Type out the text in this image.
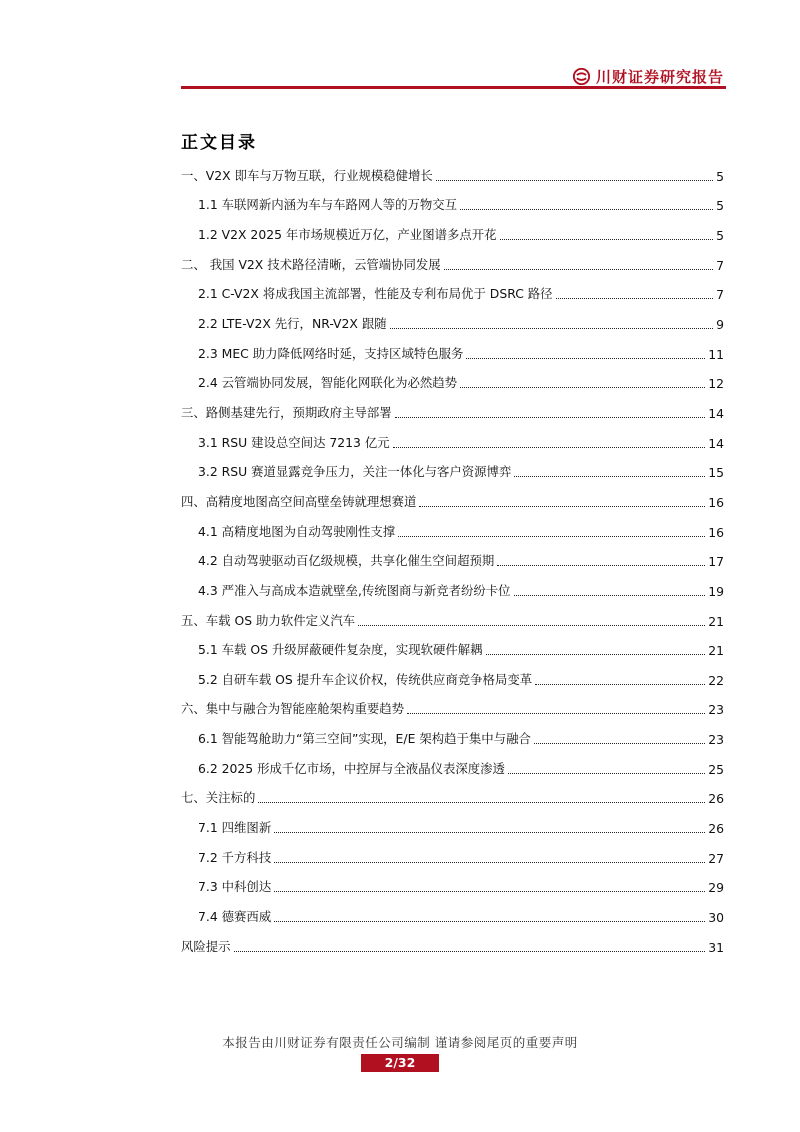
川财证券研究报告
正文目录
一、V2X 即车与万物互联，行业规模稳健增长	5
1.1 车联网新内涵为车与车路网人等的万物交互	5
1.2 V2X 2025 年市场规模近万亿，产业图谱多点开花	5
二、 我国 V2X 技术路径清晰，云管端协同发展	7
2.1 C-V2X 将成我国主流部署，性能及专利布局优于 DSRC 路径	7
2.2 LTE-V2X 先行，NR-V2X 跟随	9
2.3 MEC 助力降低网络时延，支持区域特色服务	11
2.4 云管端协同发展，智能化网联化为必然趋势	12
三、路侧基建先行，预期政府主导部署	14
3.1 RSU 建设总空间达 7213 亿元	14
3.2 RSU 赛道显露竞争压力，关注一体化与客户资源博弈	15
四、高精度地图高空间高壁垒铸就理想赛道	16
4.1 高精度地图为自动驾驶刚性支撑	16
4.2 自动驾驶驱动百亿级规模，共享化催生空间超预期	17
4.3 严准入与高成本造就壁垒,传统图商与新竞者纷纷卡位	19
五、车载 OS 助力软件定义汽车	21
5.1 车载 OS 升级屏蔽硬件复杂度，实现软硬件解耦	21
5.2 自研车载 OS 提升车企议价权，传统供应商竞争格局变革	22
六、集中与融合为智能座舱架构重要趋势	23
6.1 智能驾舱助力“第三空间”实现，E/E 架构趋于集中与融合	23
6.2 2025 形成千亿市场，中控屏与全液晶仪表深度渗透	25
七、关注标的	26
7.1 四维图新	26
7.2 千方科技	27
7.3 中科创达	29
7.4 德赛西威	30
风险提示	31
本报告由川财证券有限责任公司编制 谨请参阅尾页的重要声明
2/32
